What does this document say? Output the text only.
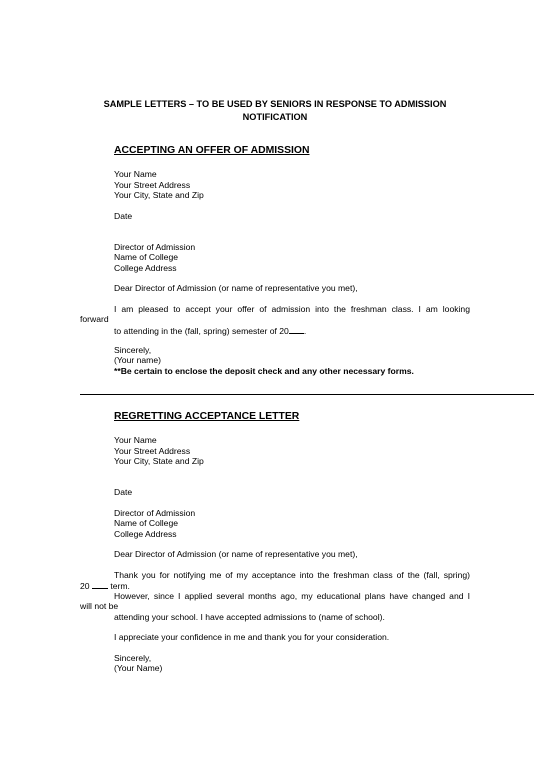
SAMPLE LETTERS – TO BE USED BY SENIORS IN RESPONSE TO ADMISSION
NOTIFICATION
ACCEPTING AN OFFER OF ADMISSION
Your Name
Your Street Address
Your City, State and Zip
Date
Director of Admission
Name of College
College Address
Dear Director of Admission (or name of representative you met),
I am pleased to accept your offer of admission into the freshman class. I am looking
forward
to attending in the (fall, spring) semester of 20 .
Sincerely,
(Your name)
**Be certain to enclose the deposit check and any other necessary forms.
REGRETTING ACCEPTANCE LETTER
Your Name
Your Street Address
Your City, State and Zip
Date
Director of Admission
Name of College
College Address
Dear Director of Admission (or name of representative you met),
Thank you for notifying me of my acceptance into the freshman class of the (fall, spring)
20 term.
However, since I applied several months ago, my educational plans have changed and I
will not be
attending your school. I have accepted admissions to (name of school).
I appreciate your confidence in me and thank you for your consideration.
Sincerely,
(Your Name)
